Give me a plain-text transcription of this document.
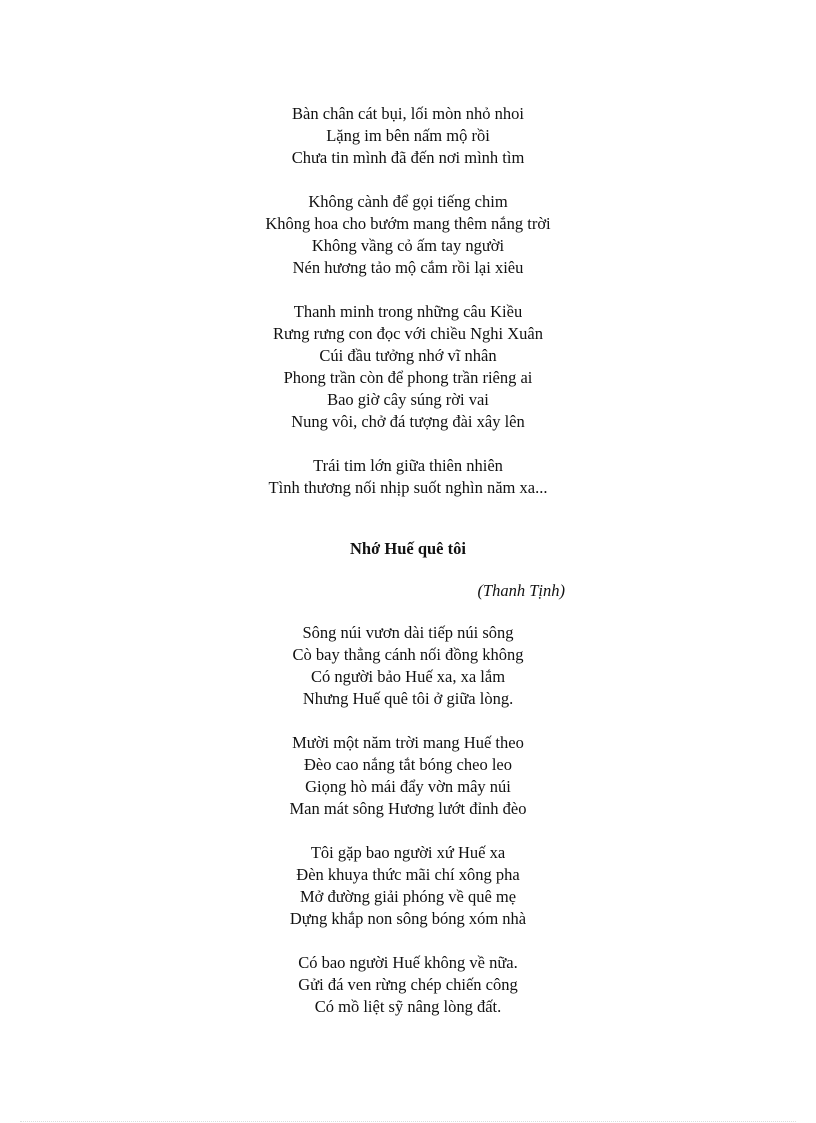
Bàn chân cát bụi, lối mòn nhỏ nhoi
Lặng im bên nấm mộ rồi
Chưa tin mình đã đến nơi mình tìm
Không cành để gọi tiếng chim
Không hoa cho bướm mang thêm nắng trời
Không vầng cỏ ấm tay người
Nén hương tảo mộ cắm rồi lại xiêu
Thanh minh trong những câu Kiều
Rưng rưng con đọc với chiều Nghi Xuân
Cúi đầu tưởng nhớ vĩ nhân
Phong trần còn để phong trần riêng ai
Bao giờ cây súng rời vai
Nung vôi, chở đá tượng đài xây lên
Trái tim lớn giữa thiên nhiên
Tình thương nối nhịp suốt nghìn năm xa...
Nhớ Huế quê tôi
(Thanh Tịnh)
Sông núi vươn dài tiếp núi sông
Cò bay thẳng cánh nối đồng không
Có người bảo Huế xa, xa lắm
Nhưng Huế quê tôi ở giữa lòng.
Mười một năm trời mang Huế theo
Đèo cao nắng tắt bóng cheo leo
Giọng hò mái đẩy vờn mây núi
Man mát sông Hương lướt đỉnh đèo
Tôi gặp bao người xứ Huế xa
Đèn khuya thức mãi chí xông pha
Mở đường giải phóng về quê mẹ
Dựng khắp non sông bóng xóm nhà
Có bao người Huế không về nữa.
Gửi đá ven rừng chép chiến công
Có mồ liệt sỹ nâng lòng đất.
